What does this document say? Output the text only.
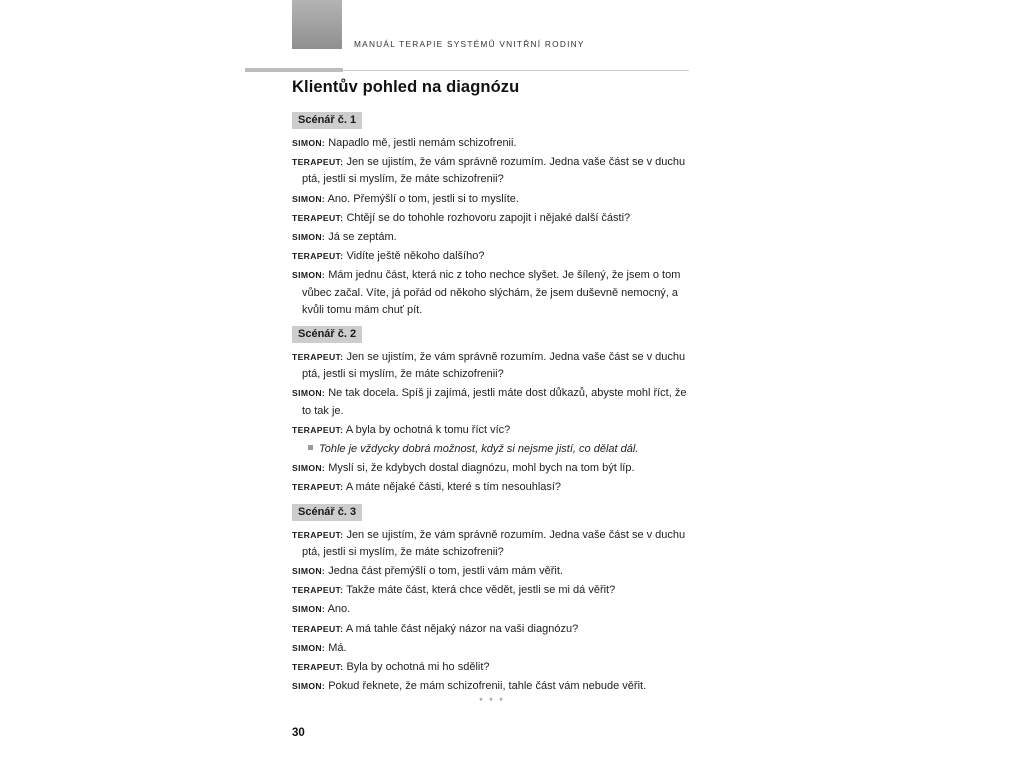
MANUÁL TERAPIE SYSTÉMŮ VNITŘNÍ RODINY
Klientův pohled na diagnózu
Scénář č. 1
SIMON: Napadlo mě, jestli nemám schizofrenii.
TERAPEUT: Jen se ujistím, že vám správně rozumím. Jedna vaše část se v duchu ptá, jestli si myslím, že máte schizofrenii?
SIMON: Ano. Přemýšlí o tom, jestli si to myslíte.
TERAPEUT: Chtějí se do tohohle rozhovoru zapojit i nějaké další části?
SIMON: Já se zeptám.
TERAPEUT: Vidíte ještě někoho dalšího?
SIMON: Mám jednu část, která nic z toho nechce slyšet. Je šílený, že jsem o tom vůbec začal. Víte, já pořád od někoho slýchám, že jsem duševně nemocný, a kvůli tomu mám chuť pít.
Scénář č. 2
TERAPEUT: Jen se ujistím, že vám správně rozumím. Jedna vaše část se v duchu ptá, jestli si myslím, že máte schizofrenii?
SIMON: Ne tak docela. Spíš ji zajímá, jestli máte dost důkazů, abyste mohl říct, že to tak je.
TERAPEUT: A byla by ochotná k tomu říct víc?
Tohle je vždycky dobrá možnost, když si nejsme jistí, co dělat dál.
SIMON: Myslí si, že kdybych dostal diagnózu, mohl bych na tom být líp.
TERAPEUT: A máte nějaké části, které s tím nesouhlasí?
Scénář č. 3
TERAPEUT: Jen se ujistím, že vám správně rozumím. Jedna vaše část se v duchu ptá, jestli si myslím, že máte schizofrenii?
SIMON: Jedna část přemýšlí o tom, jestli vám mám věřit.
TERAPEUT: Takže máte část, která chce vědět, jestli se mi dá věřit?
SIMON: Ano.
TERAPEUT: A má tahle část nějaký názor na vaši diagnózu?
SIMON: Má.
TERAPEUT: Byla by ochotná mi ho sdělit?
SIMON: Pokud řeknete, že mám schizofrenii, tahle část vám nebude věřit.
* * *
30
